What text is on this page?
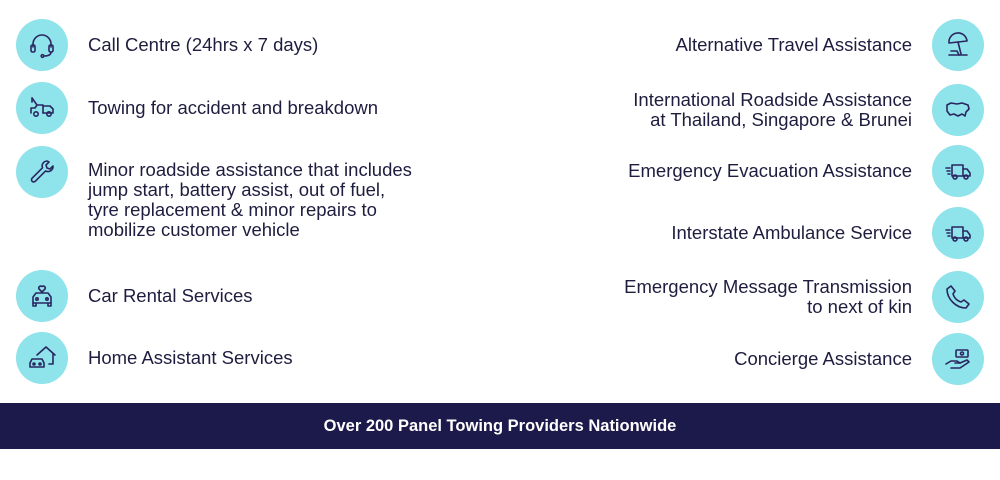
Call Centre (24hrs x 7 days)
Towing for accident and breakdown
Minor roadside assistance that includes
jump start, battery assist, out of fuel,
tyre replacement & minor repairs to
mobilize customer vehicle
Car Rental Services
Home Assistant Services
Alternative Travel Assistance
International Roadside Assistance
at Thailand, Singapore & Brunei
Emergency Evacuation Assistance
Interstate Ambulance Service
Emergency Message Transmission
to next of kin
Concierge Assistance
Over 200 Panel Towing Providers Nationwide
